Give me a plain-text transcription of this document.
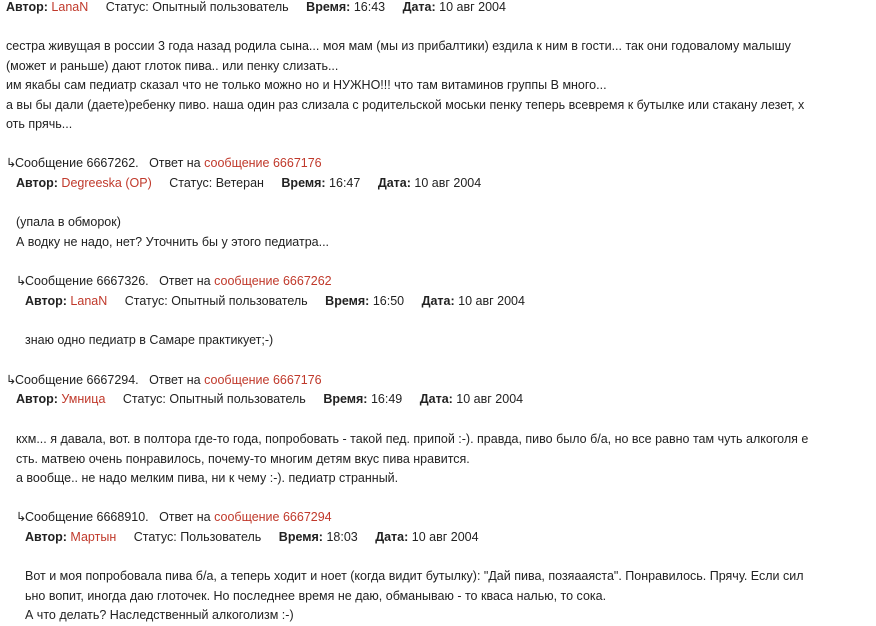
Автор: LanaN Статус: Опытный пользователь Время: 16:43 Дата: 10 авг 2004
сестра живущая в россии 3 года назад родила сына... моя мам (мы из прибалтики) ездила к ним в гости... так они годовалому малышу
(может и раньше) дают глоток пива.. или пенку слизать...
им якабы сам педиатр сказал что не только можно но и НУЖНО!!! что там витаминов группы В много...
а вы бы дали (даете)ребенку пиво. наша один раз слизала с родительской моськи пенку теперь всевремя к бутылке или стакану лезет, х
оть прячь...
↳Сообщение 6667262. Ответ на сообщение 6667176
Автор: Degreeska (OP) Статус: Ветеран Время: 16:47 Дата: 10 авг 2004
(упала в обморок)
А водку не надо, нет? Уточнить бы у этого педиатра...
↳Сообщение 6667326. Ответ на сообщение 6667262
Автор: LanaN Статус: Опытный пользователь Время: 16:50 Дата: 10 авг 2004
знаю одно педиатр в Самаре практикует;-)
↳Сообщение 6667294. Ответ на сообщение 6667176
Автор: Умница Статус: Опытный пользователь Время: 16:49 Дата: 10 авг 2004
кхм... я давала, вот. в полтора где-то года, попробовать - такой пед. припой :-). правда, пиво было б/а, но все равно там чуть алкоголя е
сть. матвею очень понравилось, почему-то многим детям вкус пива нравится.
а вообще.. не надо мелким пива, ни к чему :-). педиатр странный.
↳Сообщение 6668910. Ответ на сообщение 6667294
Автор: Мартын Статус: Пользователь Время: 18:03 Дата: 10 авг 2004
Вот и моя попробовала пива б/а, а теперь ходит и ноет (когда видит бутылку): "Дай пива, позяааяста". Понравилось. Прячу. Если сил
ьно вопит, иногда даю глоточек. Но последнее время не даю, обманываю - то кваса налью, то сока.
А что делать? Наследственный алкоголизм :-)
